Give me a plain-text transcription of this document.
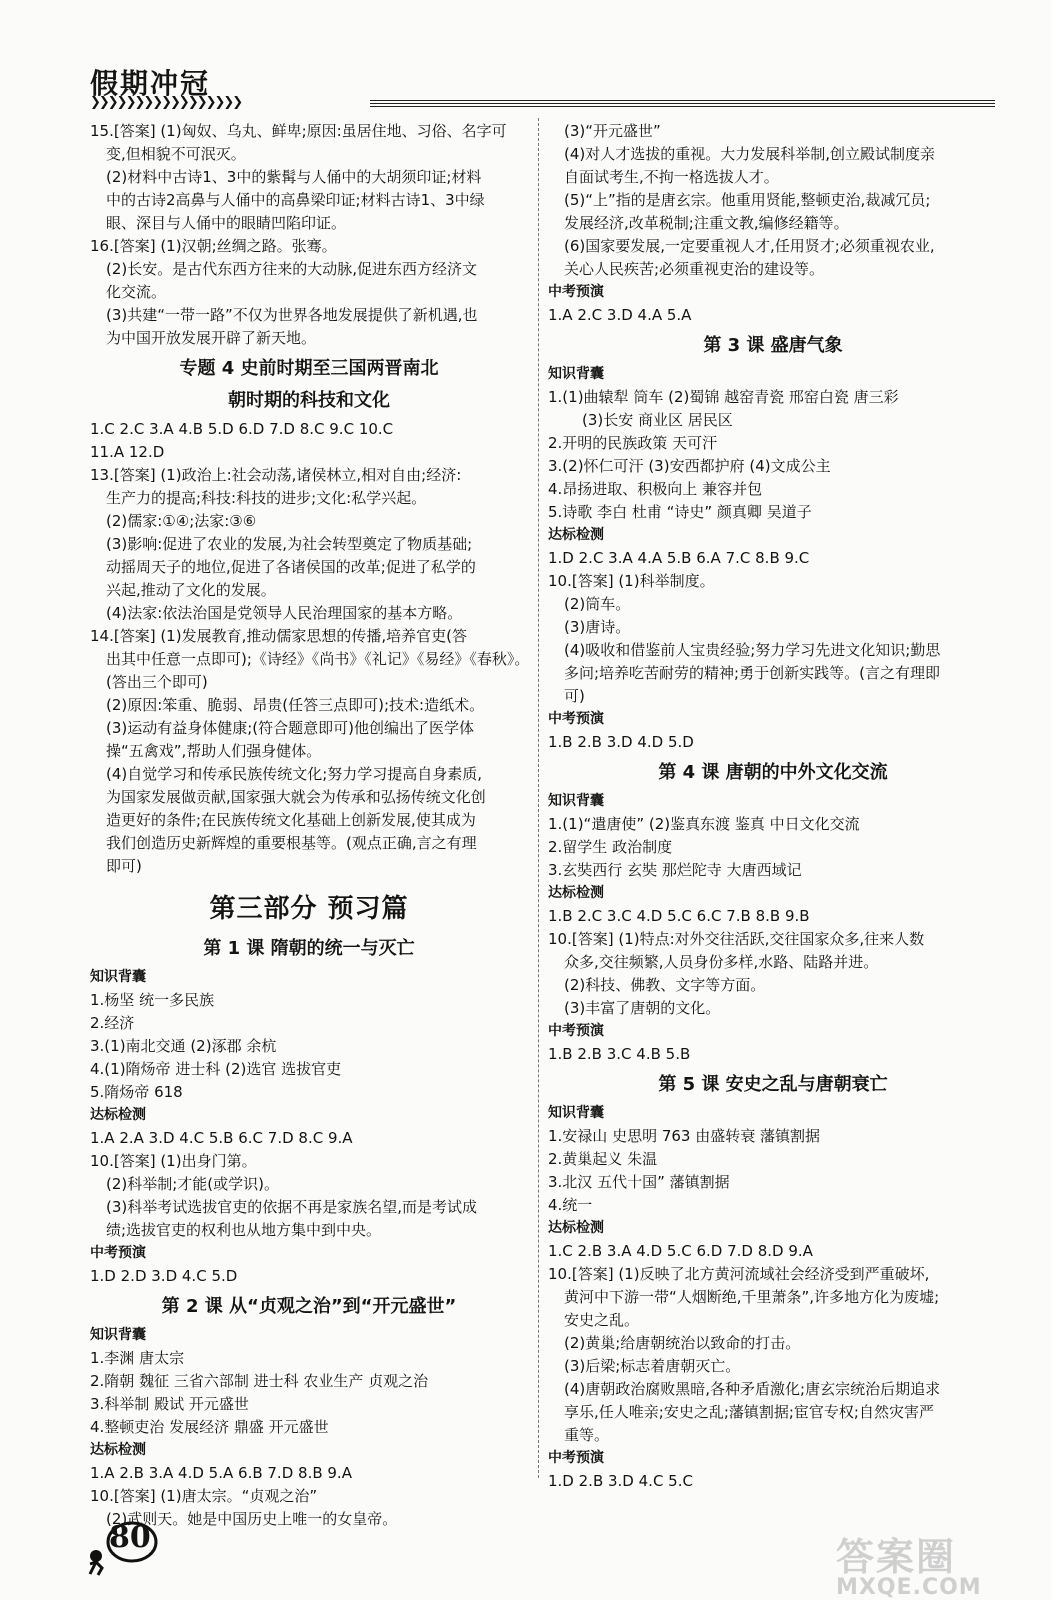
假期冲冠
❯❯❯❯❯❯❯❯❯❯❯❯❯❯❯❯❯
15.[答案] (1)匈奴、乌丸、鲜卑;原因:虽居住地、习俗、名字可
变,但相貌不可泯灭。
(2)材料中古诗1、3中的紫髯与人俑中的大胡须印证;材料
中的古诗2高鼻与人俑中的高鼻梁印证;材料古诗1、3中绿
眼、深目与人俑中的眼睛凹陷印证。
16.[答案] (1)汉朝;丝绸之路。张骞。
(2)长安。是古代东西方往来的大动脉,促进东西方经济文
化交流。
(3)共建“一带一路”不仅为世界各地发展提供了新机遇,也
为中国开放发展开辟了新天地。
专题 4 史前时期至三国两晋南北
朝时期的科技和文化
1.C 2.C 3.A 4.B 5.D 6.D 7.D 8.C 9.C 10.C
11.A 12.D
13.[答案] (1)政治上:社会动荡,诸侯林立,相对自由;经济:
生产力的提高;科技:科技的进步;文化:私学兴起。
(2)儒家:①④;法家:③⑥
(3)影响:促进了农业的发展,为社会转型奠定了物质基础;
动摇周天子的地位,促进了各诸侯国的改革;促进了私学的
兴起,推动了文化的发展。
(4)法家:依法治国是党领导人民治理国家的基本方略。
14.[答案] (1)发展教育,推动儒家思想的传播,培养官吏(答
出其中任意一点即可);《诗经》《尚书》《礼记》《易经》《春秋》。
(答出三个即可)
(2)原因:笨重、脆弱、昂贵(任答三点即可);技术:造纸术。
(3)运动有益身体健康;(符合题意即可)他创编出了医学体
操“五禽戏”,帮助人们强身健体。
(4)自觉学习和传承民族传统文化;努力学习提高自身素质,
为国家发展做贡献,国家强大就会为传承和弘扬传统文化创
造更好的条件;在民族传统文化基础上创新发展,使其成为
我们创造历史新辉煌的重要根基等。(观点正确,言之有理
即可)
第三部分 预习篇
第 1 课 隋朝的统一与灭亡
知识背囊
1.杨坚 统一多民族
2.经济
3.(1)南北交通 (2)涿郡 余杭
4.(1)隋炀帝 进士科 (2)选官 选拔官吏
5.隋炀帝 618
达标检测
1.A 2.A 3.D 4.C 5.B 6.C 7.D 8.C 9.A
10.[答案] (1)出身门第。
(2)科举制;才能(或学识)。
(3)科举考试选拔官吏的依据不再是家族名望,而是考试成
绩;选拔官吏的权利也从地方集中到中央。
中考预演
1.D 2.D 3.D 4.C 5.D
第 2 课 从“贞观之治”到“开元盛世”
知识背囊
1.李渊 唐太宗
2.隋朝 魏征 三省六部制 进士科 农业生产 贞观之治
3.科举制 殿试 开元盛世
4.整顿吏治 发展经济 鼎盛 开元盛世
达标检测
1.A 2.B 3.A 4.D 5.A 6.B 7.D 8.B 9.A
10.[答案] (1)唐太宗。“贞观之治”
(2)武则天。她是中国历史上唯一的女皇帝。
(3)“开元盛世”
(4)对人才选拔的重视。大力发展科举制,创立殿试制度亲
自面试考生,不拘一格选拔人才。
(5)“上”指的是唐玄宗。他重用贤能,整顿吏治,裁减冗员;
发展经济,改革税制;注重文教,编修经籍等。
(6)国家要发展,一定要重视人才,任用贤才;必须重视农业,
关心人民疾苦;必须重视吏治的建设等。
中考预演
1.A 2.C 3.D 4.A 5.A
第 3 课 盛唐气象
知识背囊
1.(1)曲辕犁 筒车 (2)蜀锦 越窑青瓷 邢窑白瓷 唐三彩
(3)长安 商业区 居民区
2.开明的民族政策 天可汗
3.(2)怀仁可汗 (3)安西都护府 (4)文成公主
4.昂扬进取、积极向上 兼容并包
5.诗歌 李白 杜甫 “诗史” 颜真卿 吴道子
达标检测
1.D 2.C 3.A 4.A 5.B 6.A 7.C 8.B 9.C
10.[答案] (1)科举制度。
(2)筒车。
(3)唐诗。
(4)吸收和借鉴前人宝贵经验;努力学习先进文化知识;勤思
多问;培养吃苦耐劳的精神;勇于创新实践等。(言之有理即
可)
中考预演
1.B 2.B 3.D 4.D 5.D
第 4 课 唐朝的中外文化交流
知识背囊
1.(1)“遣唐使” (2)鉴真东渡 鉴真 中日文化交流
2.留学生 政治制度
3.玄奘西行 玄奘 那烂陀寺 大唐西域记
达标检测
1.B 2.C 3.C 4.D 5.C 6.C 7.B 8.B 9.B
10.[答案] (1)特点:对外交往活跃,交往国家众多,往来人数
众多,交往频繁,人员身份多样,水路、陆路并进。
(2)科技、佛教、文字等方面。
(3)丰富了唐朝的文化。
中考预演
1.B 2.B 3.C 4.B 5.B
第 5 课 安史之乱与唐朝衰亡
知识背囊
1.安禄山 史思明 763 由盛转衰 藩镇割据
2.黄巢起义 朱温
3.北汉 五代十国” 藩镇割据
4.统一
达标检测
1.C 2.B 3.A 4.D 5.C 6.D 7.D 8.D 9.A
10.[答案] (1)反映了北方黄河流域社会经济受到严重破坏,
黄河中下游一带“人烟断绝,千里萧条”,许多地方化为废墟;
安史之乱。
(2)黄巢;给唐朝统治以致命的打击。
(3)后梁;标志着唐朝灭亡。
(4)唐朝政治腐败黑暗,各种矛盾激化;唐玄宗统治后期追求
享乐,任人唯亲;安史之乱;藩镇割据;宦官专权;自然灾害严
重等。
中考预演
1.D 2.B 3.D 4.C 5.C
80	答案圈
MXQE.COM
